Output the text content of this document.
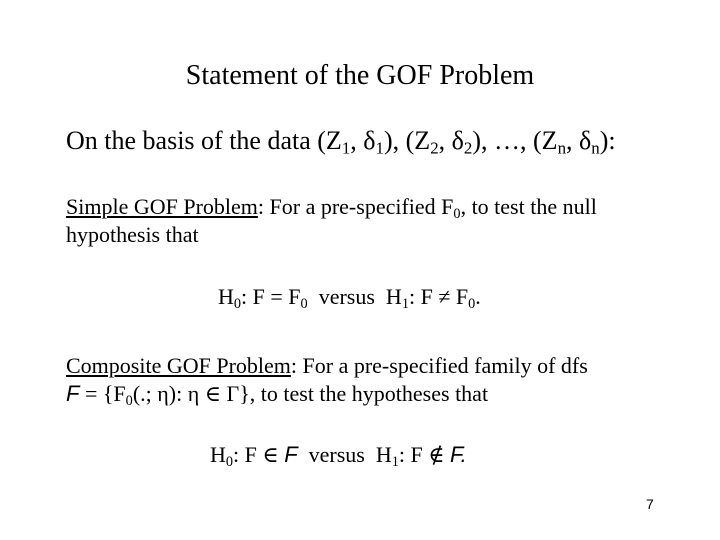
Statement of the GOF Problem
On the basis of the data ($Z_1$, $\delta_1$), ($Z_2$, $\delta_2$), …, ($Z_n$, $\delta_n$):
Simple GOF Problem: For a pre-specified $F_0$, to test the null
hypothesis that
$H_0$: $F = F_0$  versus  $H_1$: $F \ne F_0$.
Composite GOF Problem: For a pre-specified family of dfs
$F = \{F_0$(.; η): η ∈ Γ}, to test the hypotheses that
$H_0$: F ∈ F  versus  $H_1$: F ∉ F.
7
